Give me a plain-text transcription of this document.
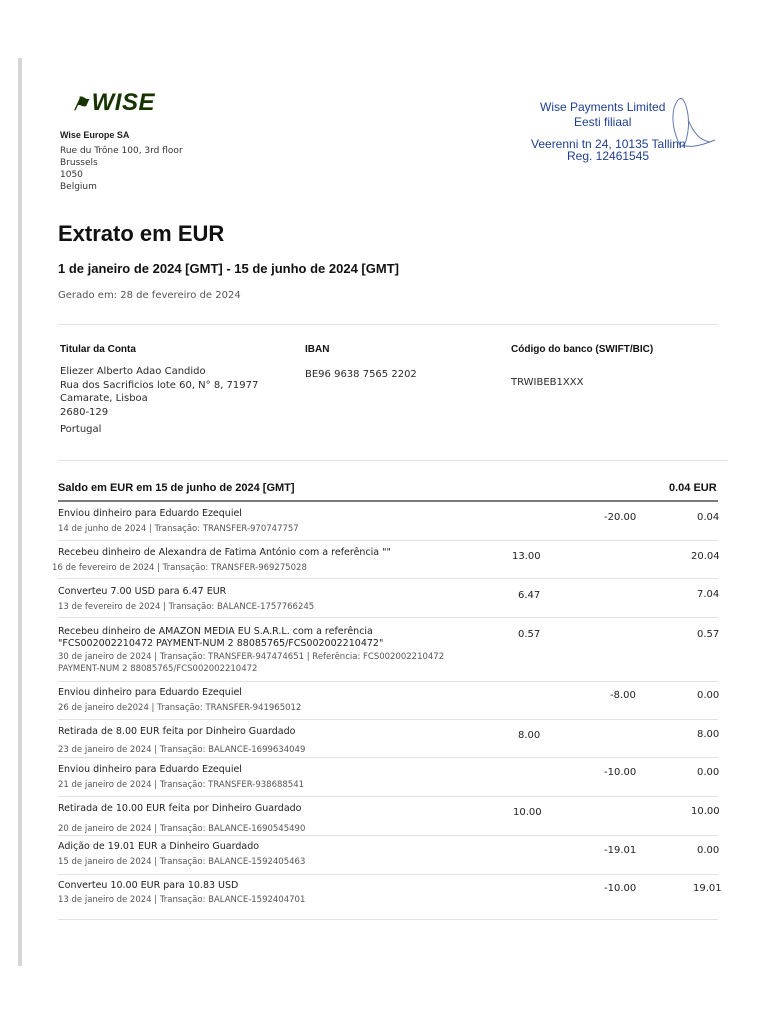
⚑WISE
Wise Europe SA
Rue du Trône 100, 3rd floor
Brussels
1050
Belgium
Wise Payments Limited
Eesti filiaal
Veerenni tn 24, 10135 Tallinn
Reg. 12461545
Extrato em EUR
1 de janeiro de 2024 [GMT] - 15 de junho de 2024 [GMT]
Gerado em: 28 de fevereiro de 2024
Titular da Conta
Eliezer Alberto Adao Candido
Rua dos Sacrificios lote 60, N° 8, 71977
Camarate, Lisboa
2680-129
Portugal
IBAN
BE96 9638 7565 2202
Código do banco (SWIFT/BIC)
TRWIBEB1XXX
Saldo em EUR em 15 de junho de 2024 [GMT]	0.04 EUR
Enviou dinheiro para Eduardo Ezequiel
14 de junho de 2024 | Transação: TRANSFER-970747757
-20.00	0.04
Recebeu dinheiro de Alexandra de Fatima António com a referência ""
16 de fevereiro de 2024 | Transação: TRANSFER-969275028
13.00	20.04
Converteu 7.00 USD para 6.47 EUR
13 de fevereiro de 2024 | Transação: BALANCE-1757766245
6.47	7.04
Recebeu dinheiro de AMAZON MEDIA EU S.A.R.L. com a referência
"FCS002002210472 PAYMENT-NUM 2 88085765/FCS002002210472"
30 de janeiro de 2024 | Transação: TRANSFER-947474651 | Referência: FCS002002210472
PAYMENT-NUM 2 88085765/FCS002002210472
0.57	0.57
Enviou dinheiro para Eduardo Ezequiel
26 de janeiro de2024 | Transação: TRANSFER-941965012
-8.00	0.00
Retirada de 8.00 EUR feita por Dinheiro Guardado
23 de janeiro de 2024 | Transação: BALANCE-1699634049
8.00	8.00
Enviou dinheiro para Eduardo Ezequiel
21 de janeiro de 2024 | Transação: TRANSFER-938688541
-10.00	0.00
Retirada de 10.00 EUR feita por Dinheiro Guardado
20 de janeiro de 2024 | Transação: BALANCE-1690545490
10.00	10.00
Adição de 19.01 EUR a Dinheiro Guardado
15 de janeiro de 2024 | Transação: BALANCE-1592405463
-19.01	0.00
Converteu 10.00 EUR para 10.83 USD
13 de janeiro de 2024 | Transação: BALANCE-1592404701
-10.00	19.01
